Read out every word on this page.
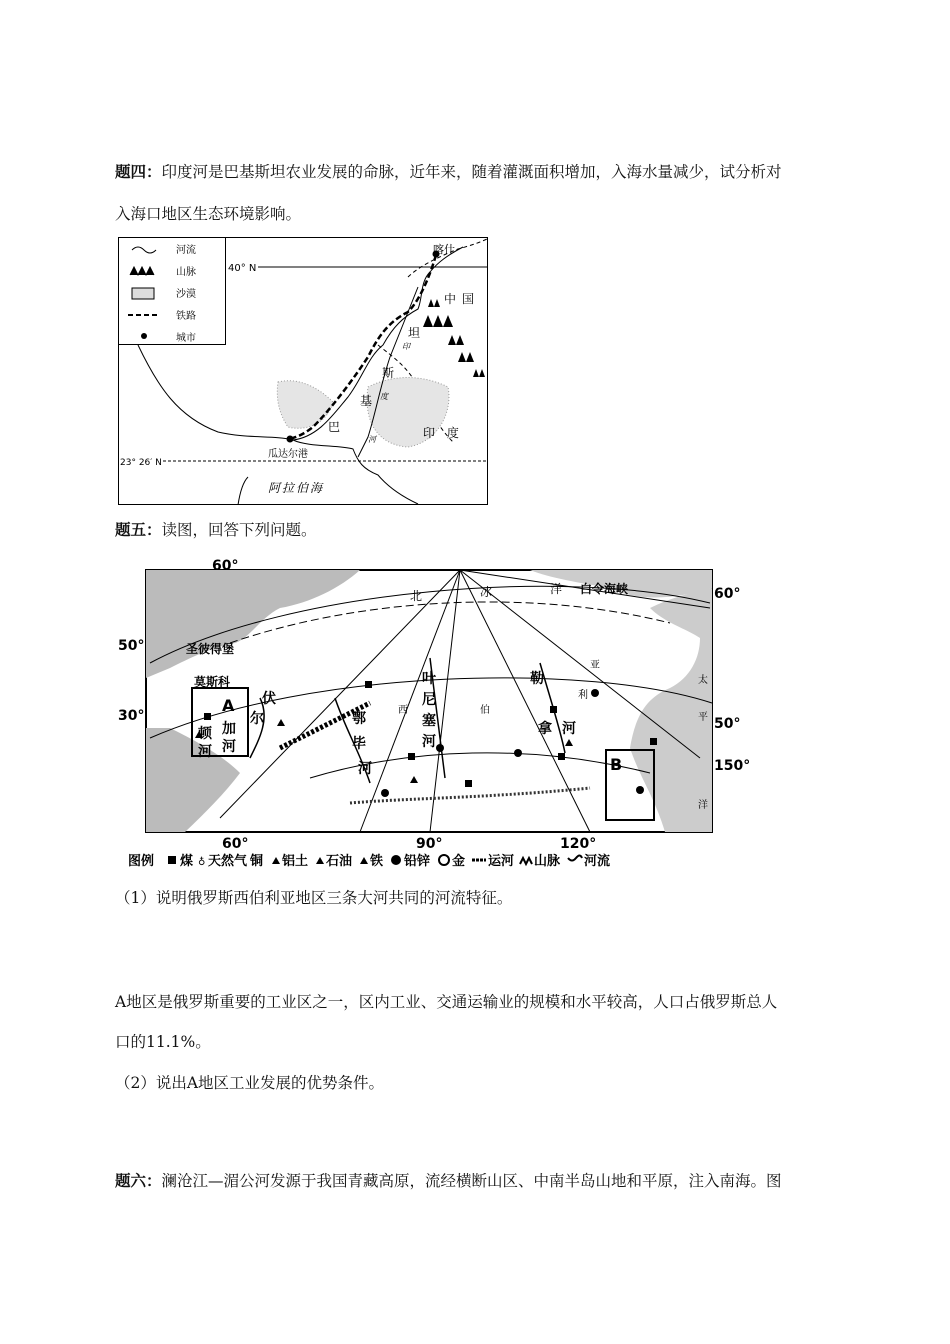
题四：印度河是巴基斯坦农业发展的命脉，近年来，随着灌溉面积增加，入海水量减少，试分析对
入海口地区生态环境影响。
河流
山脉
沙漠
铁路
城市
40° N
23° 26′ N
喀什
中国
坦
斯
基
巴	印 度
瓜达尔港
阿拉伯海
印
度
河
题五：读图，回答下列问题。
60°
60°
50°
30°	50°
150°
60°	90°	120°
北	冰	洋 白令海峡
圣彼得堡
莫斯科
A
B
伏
尔
加
河
顿
河
鄂
毕
河
叶
尼
塞
河
勒
拿 河
西	伯
利
亚
太
平
洋
图例 煤 ♁ 天然气 铜 铝土 石油 铁 铅锌 金 运河 山脉 河流
（1）说明俄罗斯西伯利亚地区三条大河共同的河流特征。
A地区是俄罗斯重要的工业区之一，区内工业、交通运输业的规模和水平较高，人口占俄罗斯总人
口的11.1%。
（2）说出A地区工业发展的优势条件。
题六：澜沧江—湄公河发源于我国青藏高原，流经横断山区、中南半岛山地和平原，注入南海。图
